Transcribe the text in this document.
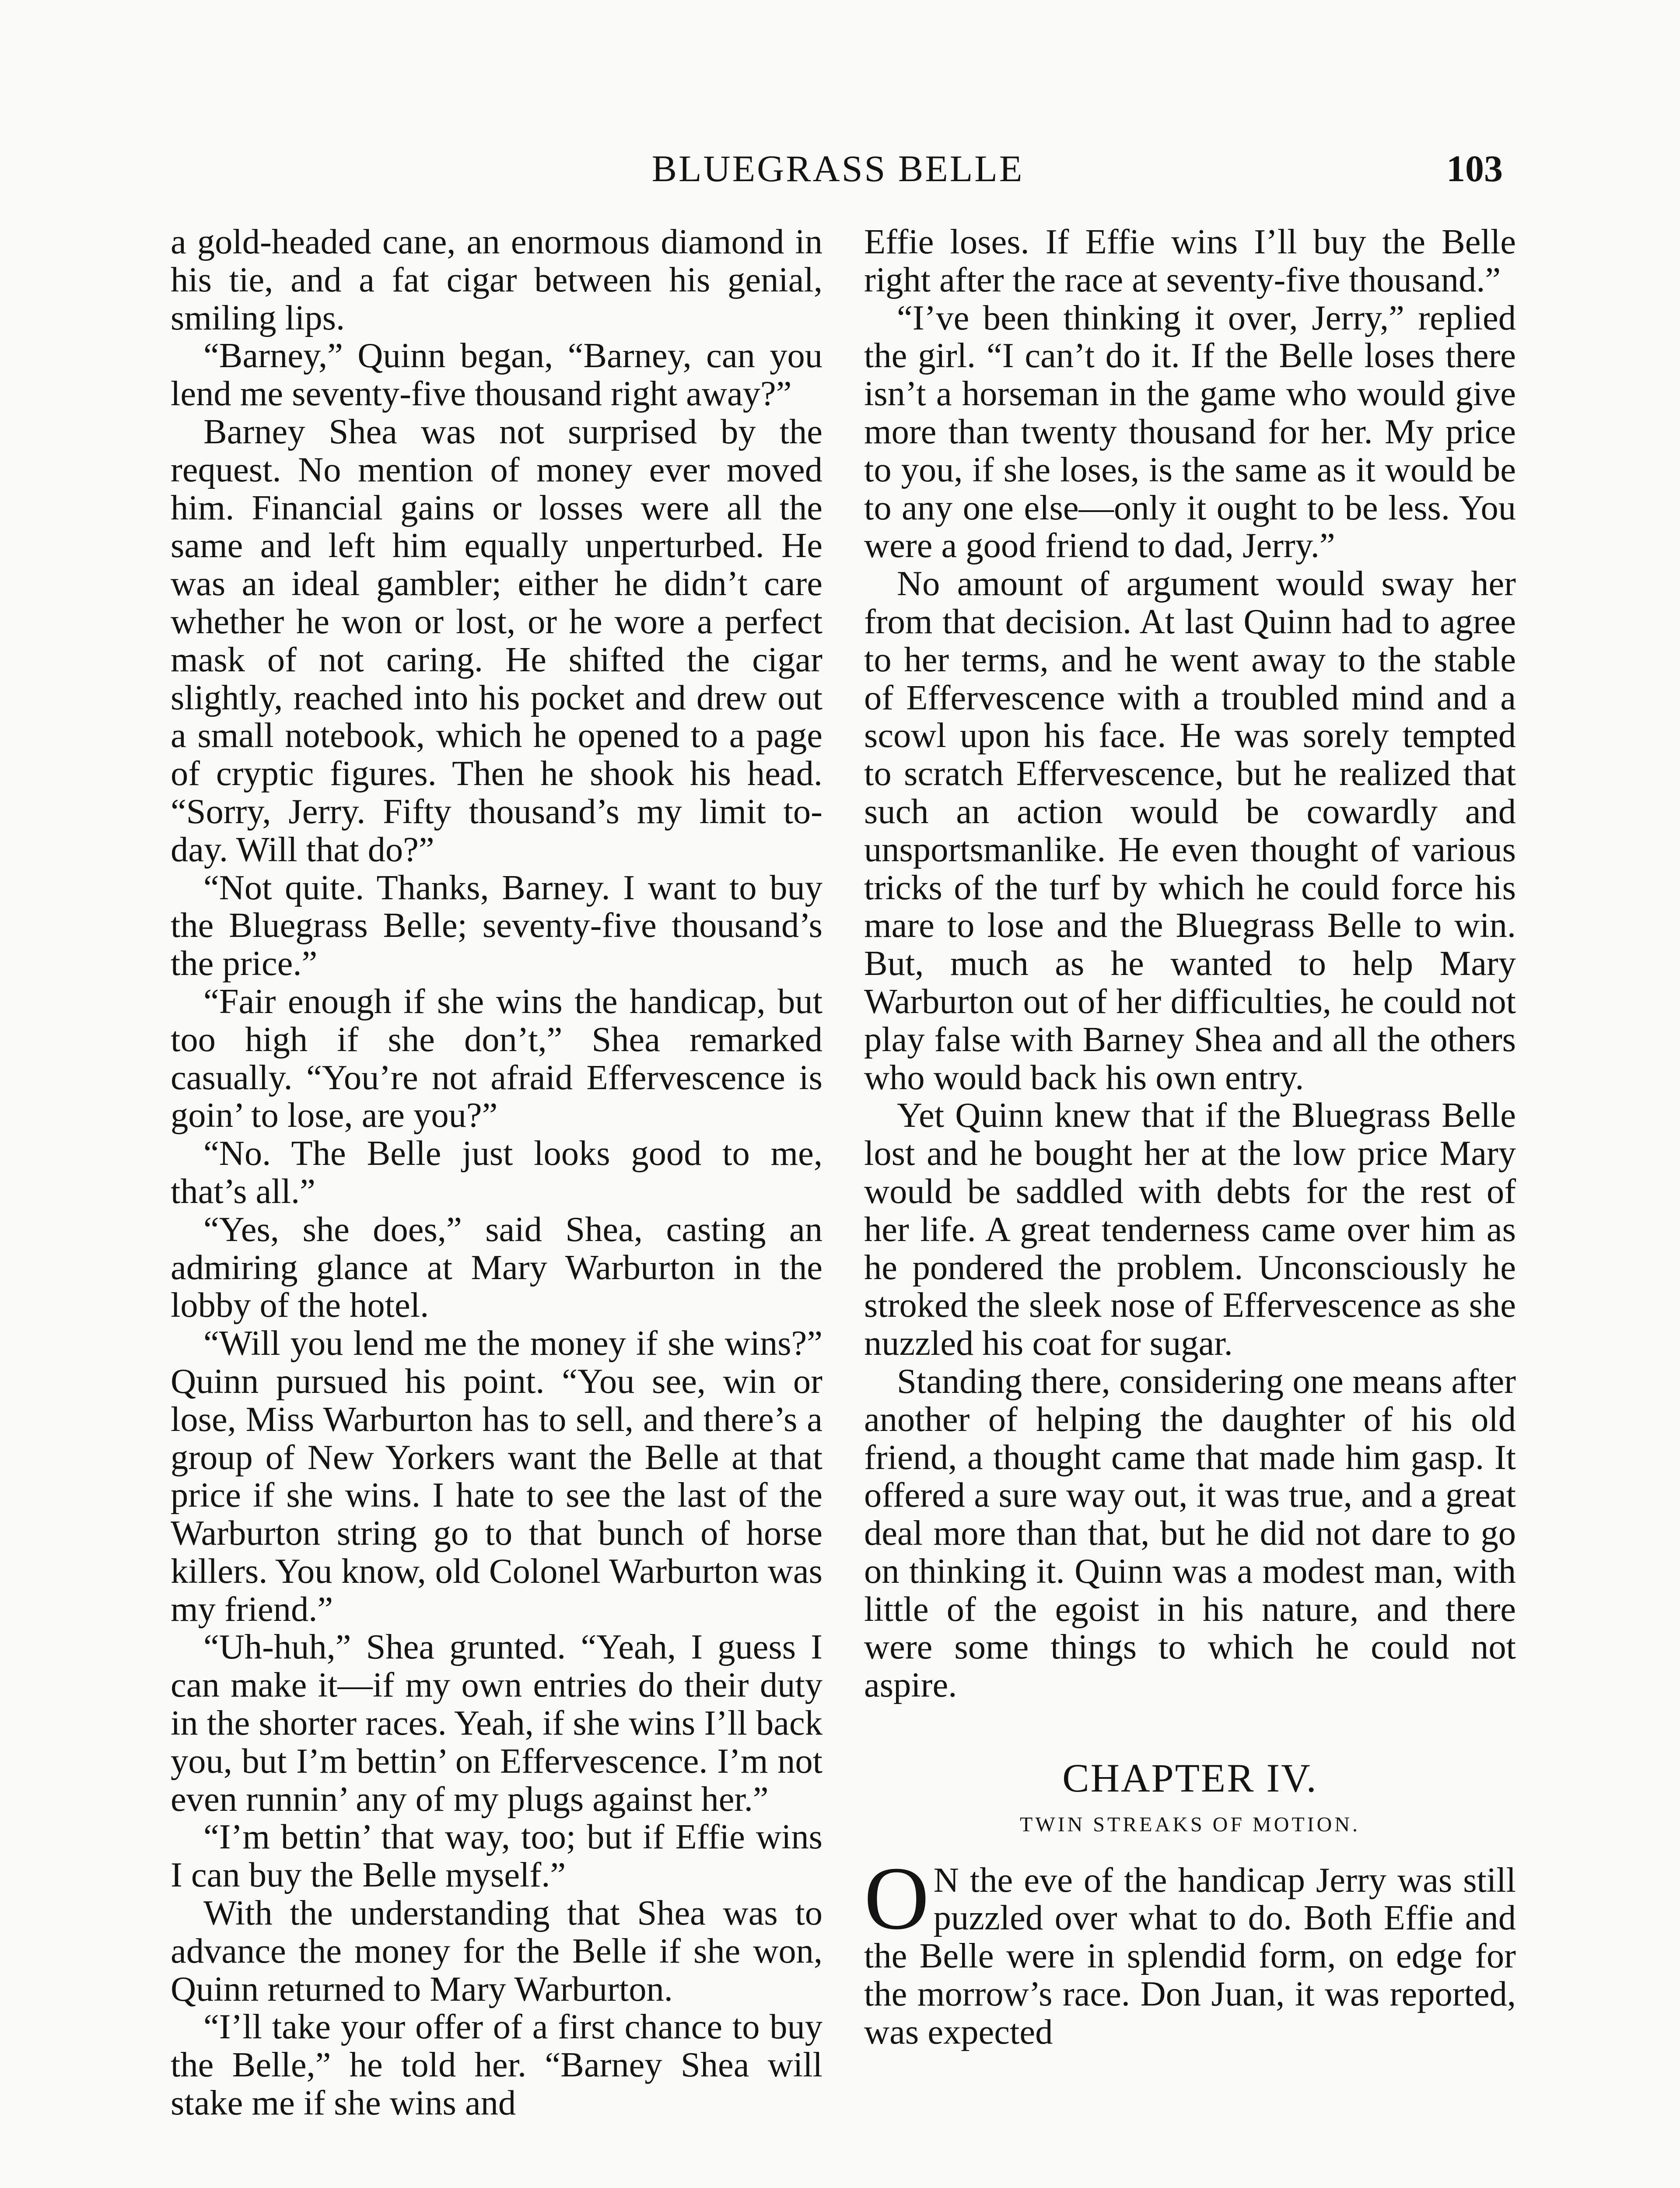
BLUEGRASS BELLE	103

a gold-headed cane, an enormous diamond in his tie, and a fat cigar between his genial, smiling lips.

“Barney,” Quinn began, “Barney, can you lend me seventy-five thousand right away?”

Barney Shea was not surprised by the request. No mention of money ever moved him. Financial gains or losses were all the same and left him equally unperturbed. He was an ideal gambler; either he didn’t care whether he won or lost, or he wore a perfect mask of not caring. He shifted the cigar slightly, reached into his pocket and drew out a small notebook, which he opened to a page of cryptic figures. Then he shook his head. “Sorry, Jerry. Fifty thousand’s my limit to-day. Will that do?”

“Not quite. Thanks, Barney. I want to buy the Bluegrass Belle; seventy-five thousand’s the price.”

“Fair enough if she wins the handicap, but too high if she don’t,” Shea remarked casually. “You’re not afraid Effervescence is goin’ to lose, are you?”

“No. The Belle just looks good to me, that’s all.”

“Yes, she does,” said Shea, casting an admiring glance at Mary Warburton in the lobby of the hotel.

“Will you lend me the money if she wins?” Quinn pursued his point. “You see, win or lose, Miss Warburton has to sell, and there’s a group of New Yorkers want the Belle at that price if she wins. I hate to see the last of the Warburton string go to that bunch of horse killers. You know, old Colonel Warburton was my friend.”

“Uh-huh,” Shea grunted. “Yeah, I guess I can make it—if my own entries do their duty in the shorter races. Yeah, if she wins I’ll back you, but I’m bettin’ on Effervescence. I’m not even runnin’ any of my plugs against her.”

“I’m bettin’ that way, too; but if Effie wins I can buy the Belle myself.”

With the understanding that Shea was to advance the money for the Belle if she won, Quinn returned to Mary Warburton.

“I’ll take your offer of a first chance to buy the Belle,” he told her. “Barney Shea will stake me if she wins and

Effie loses. If Effie wins I’ll buy the Belle right after the race at seventy-five thousand.”

“I’ve been thinking it over, Jerry,” replied the girl. “I can’t do it. If the Belle loses there isn’t a horseman in the game who would give more than twenty thousand for her. My price to you, if she loses, is the same as it would be to any one else—only it ought to be less. You were a good friend to dad, Jerry.”

No amount of argument would sway her from that decision. At last Quinn had to agree to her terms, and he went away to the stable of Effervescence with a troubled mind and a scowl upon his face. He was sorely tempted to scratch Effervescence, but he realized that such an action would be cowardly and unsportsmanlike. He even thought of various tricks of the turf by which he could force his mare to lose and the Bluegrass Belle to win. But, much as he wanted to help Mary Warburton out of her difficulties, he could not play false with Barney Shea and all the others who would back his own entry.

Yet Quinn knew that if the Bluegrass Belle lost and he bought her at the low price Mary would be saddled with debts for the rest of her life. A great tenderness came over him as he pondered the problem. Unconsciously he stroked the sleek nose of Effervescence as she nuzzled his coat for sugar.

Standing there, considering one means after another of helping the daughter of his old friend, a thought came that made him gasp. It offered a sure way out, it was true, and a great deal more than that, but he did not dare to go on thinking it. Quinn was a modest man, with little of the egoist in his nature, and there were some things to which he could not aspire.

CHAPTER IV.
TWIN STREAKS OF MOTION.

O N the eve of the handicap Jerry was still puzzled over what to do. Both Effie and the Belle were in splendid form, on edge for the morrow’s race. Don Juan, it was reported, was expected
